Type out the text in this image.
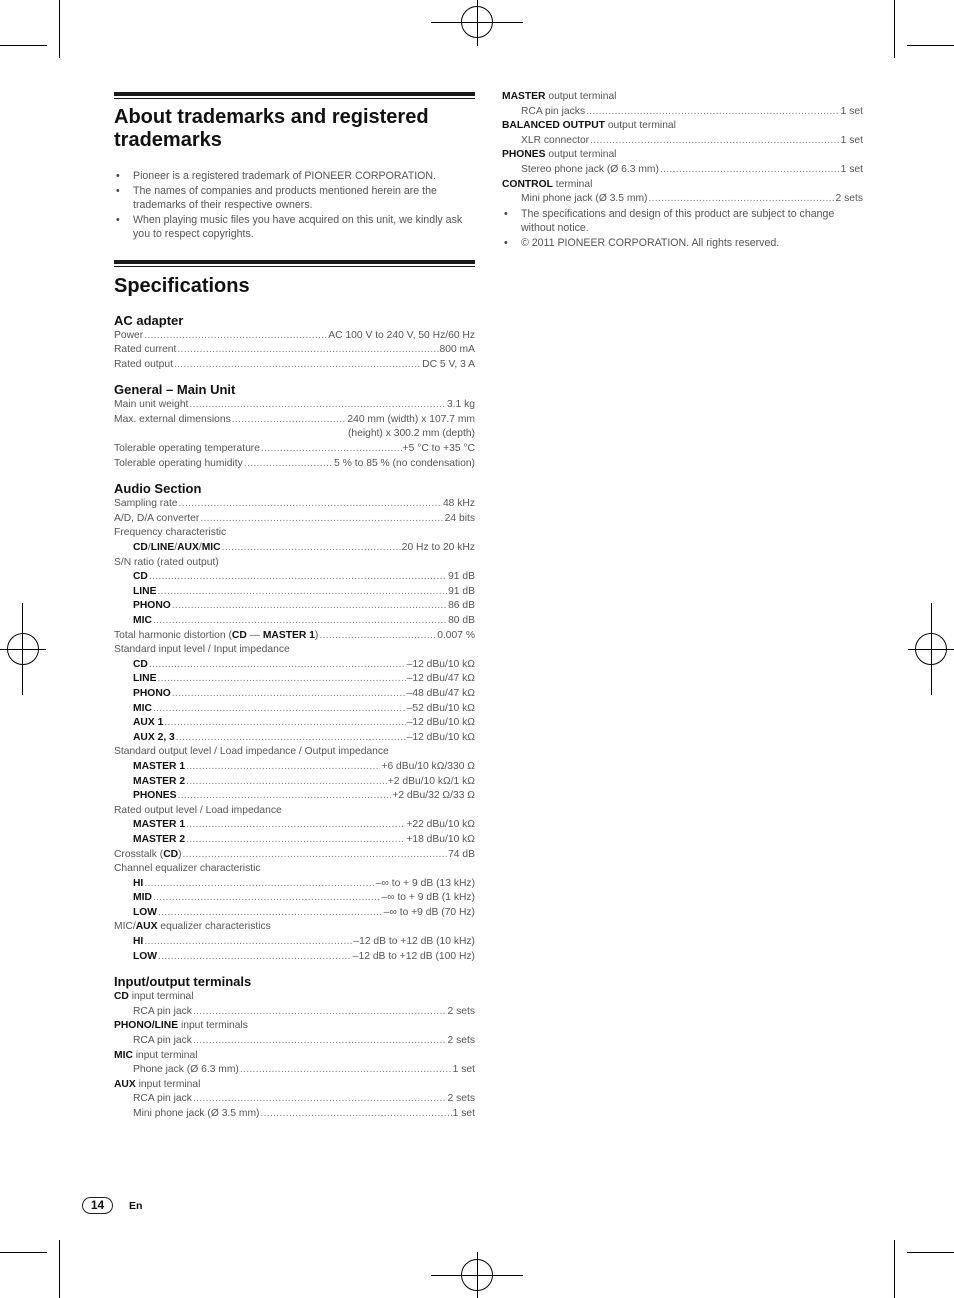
About trademarks and registered trademarks
• Pioneer is a registered trademark of PIONEER CORPORATION.
• The names of companies and products mentioned herein are the trademarks of their respective owners.
• When playing music files you have acquired on this unit, we kindly ask you to respect copyrights.
Specifications
AC adapter
Power .....	AC 100 V to 240 V, 50 Hz/60 Hz
Rated current .....	800 mA
Rated output .....	DC 5 V, 3 A
General – Main Unit
Main unit weight .....	3.1 kg
Max. external dimensions .....	240 mm (width) x 107.7 mm
(height) x 300.2 mm (depth)
Tolerable operating temperature .....	+5 °C to +35 °C
Tolerable operating humidity .....	5 % to 85 % (no condensation)
Audio Section
Sampling rate .....	48 kHz
A/D, D/A converter .....	24 bits
Frequency characteristic
CD/LINE/AUX/MIC .....	20 Hz to 20 kHz
S/N ratio (rated output)
CD .....	91 dB
LINE .....	91 dB
PHONO .....	86 dB
MIC .....	80 dB
Total harmonic distortion (CD — MASTER 1) .....	0.007 %
Standard input level / Input impedance
CD .....	–12 dBu/10 kΩ
LINE .....	–12 dBu/47 kΩ
PHONO .....	–48 dBu/47 kΩ
MIC .....	–52 dBu/10 kΩ
AUX 1 .....	–12 dBu/10 kΩ
AUX 2, 3 .....	–12 dBu/10 kΩ
Standard output level / Load impedance / Output impedance
MASTER 1 .....	+6 dBu/10 kΩ/330 Ω
MASTER 2 .....	+2 dBu/10 kΩ/1 kΩ
PHONES .....	+2 dBu/32 Ω/33 Ω
Rated output level / Load impedance
MASTER 1 .....	+22 dBu/10 kΩ
MASTER 2 .....	+18 dBu/10 kΩ
Crosstalk (CD) .....	74 dB
Channel equalizer characteristic
HI .....	–∞ to + 9 dB (13 kHz)
MID .....	–∞ to + 9 dB (1 kHz)
LOW .....	–∞ to +9 dB (70 Hz)
MIC/AUX equalizer characteristics
HI .....	–12 dB to +12 dB (10 kHz)
LOW .....	–12 dB to +12 dB (100 Hz)
Input/output terminals
CD input terminal
RCA pin jack .....	2 sets
PHONO/LINE input terminals
RCA pin jack .....	2 sets
MIC input terminal
Phone jack (Ø 6.3 mm) .....	1 set
AUX input terminal
RCA pin jack .....	2 sets
Mini phone jack (Ø 3.5 mm) .....	1 set
MASTER output terminal
RCA pin jacks .....	1 set
BALANCED OUTPUT output terminal
XLR connector .....	1 set
PHONES output terminal
Stereo phone jack (Ø 6.3 mm) .....	1 set
CONTROL terminal
Mini phone jack (Ø 3.5 mm) .....	2 sets
• The specifications and design of this product are subject to change without notice.
• © 2011 PIONEER CORPORATION. All rights reserved.
14	En
